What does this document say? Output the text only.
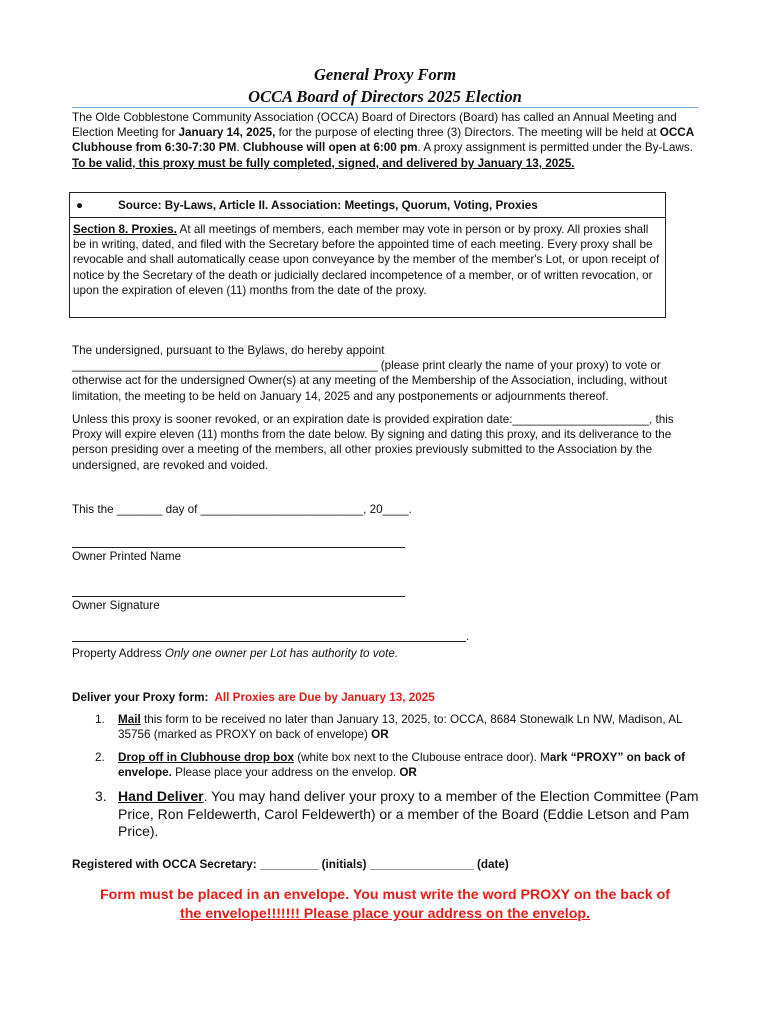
General Proxy Form
OCCA Board of Directors 2025 Election
The Olde Cobblestone Community Association (OCCA) Board of Directors (Board) has called an Annual Meeting and Election Meeting for January 14, 2025, for the purpose of electing three (3) Directors. The meeting will be held at OCCA Clubhouse from 6:30-7:30 PM. Clubhouse will open at 6:00 pm. A proxy assignment is permitted under the By-Laws. To be valid, this proxy must be fully completed, signed, and delivered by January 13, 2025.
●	Source: By-Laws, Article II. Association: Meetings, Quorum, Voting, Proxies
Section 8. Proxies. At all meetings of members, each member may vote in person or by proxy. All proxies shall be in writing, dated, and filed with the Secretary before the appointed time of each meeting. Every proxy shall be revocable and shall automatically cease upon conveyance by the member of the member's Lot, or upon receipt of notice by the Secretary of the death or judicially declared incompetence of a member, or of written revocation, or upon the expiration of eleven (11) months from the date of the proxy.
The undersigned, pursuant to the Bylaws, do hereby appoint
_______________________________________________ (please print clearly the name of your proxy) to vote or otherwise act for the undersigned Owner(s) at any meeting of the Membership of the Association, including, without limitation, the meeting to be held on January 14, 2025 and any postponements or adjournments thereof.
Unless this proxy is sooner revoked, or an expiration date is provided expiration date:_____________________, this Proxy will expire eleven (11) months from the date below. By signing and dating this proxy, and its deliverance to the person presiding over a meeting of the members, all other proxies previously submitted to the Association by the undersigned, are revoked and voided.
This the _______ day of _________________________, 20____.
Owner Printed Name
Owner Signature
.
Property Address Only one owner per Lot has authority to vote.
Deliver your Proxy form: All Proxies are Due by January 13, 2025
1. Mail this form to be received no later than January 13, 2025, to: OCCA, 8684 Stonewalk Ln NW, Madison, AL 35756 (marked as PROXY on back of envelope) OR
2. Drop off in Clubhouse drop box (white box next to the Clubouse entrace door). Mark “PROXY” on back of envelope. Please place your address on the envelop. OR
3. Hand Deliver. You may hand deliver your proxy to a member of the Election Committee (Pam Price, Ron Feldewerth, Carol Feldewerth) or a member of the Board (Eddie Letson and Pam Price).
Registered with OCCA Secretary: _________ (initials) ________________ (date)
Form must be placed in an envelope. You must write the word PROXY on the back of
the envelope!!!!!!! Please place your address on the envelop.
